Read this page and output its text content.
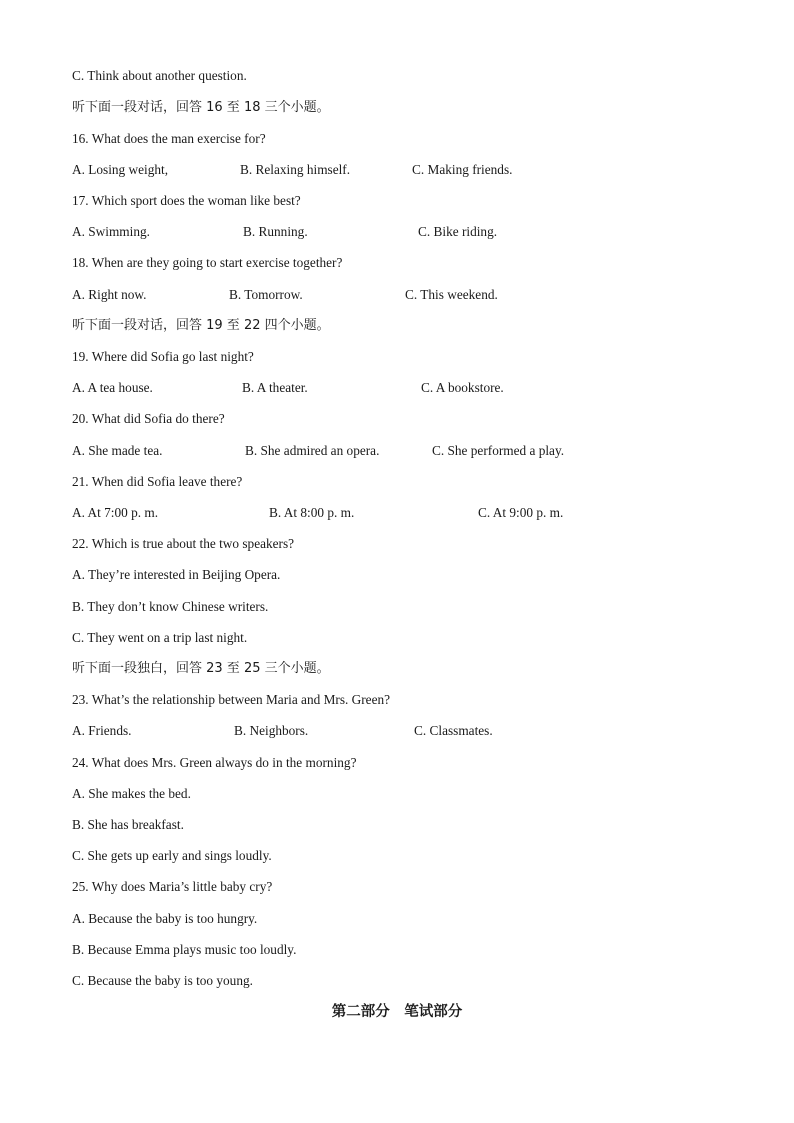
C. Think about another question.
听下面一段对话，回答 16 至 18 三个小题。
16. What does the man exercise for?
A. Losing weight,	B. Relaxing himself.	C. Making friends.
17. Which sport does the woman like best?
A. Swimming.	B. Running.	C. Bike riding.
18. When are they going to start exercise together?
A. Right now.	B. Tomorrow.	C. This weekend.
听下面一段对话，回答 19 至 22 四个小题。
19. Where did Sofia go last night?
A. A tea house.	B. A theater.	C. A bookstore.
20. What did Sofia do there?
A. She made tea.	B. She admired an opera.	C. She performed a play.
21. When did Sofia leave there?
A. At 7:00 p. m.	B. At 8:00 p. m.	C. At 9:00 p. m.
22. Which is true about the two speakers?
A. They’re interested in Beijing Opera.
B. They don’t know Chinese writers.
C. They went on a trip last night.
听下面一段独白，回答 23 至 25 三个小题。
23. What’s the relationship between Maria and Mrs. Green?
A. Friends.	B. Neighbors.	C. Classmates.
24. What does Mrs. Green always do in the morning?
A. She makes the bed.
B. She has breakfast.
C. She gets up early and sings loudly.
25. Why does Maria’s little baby cry?
A. Because the baby is too hungry.
B. Because Emma plays music too loudly.
C. Because the baby is too young.
第二部分　笔试部分
